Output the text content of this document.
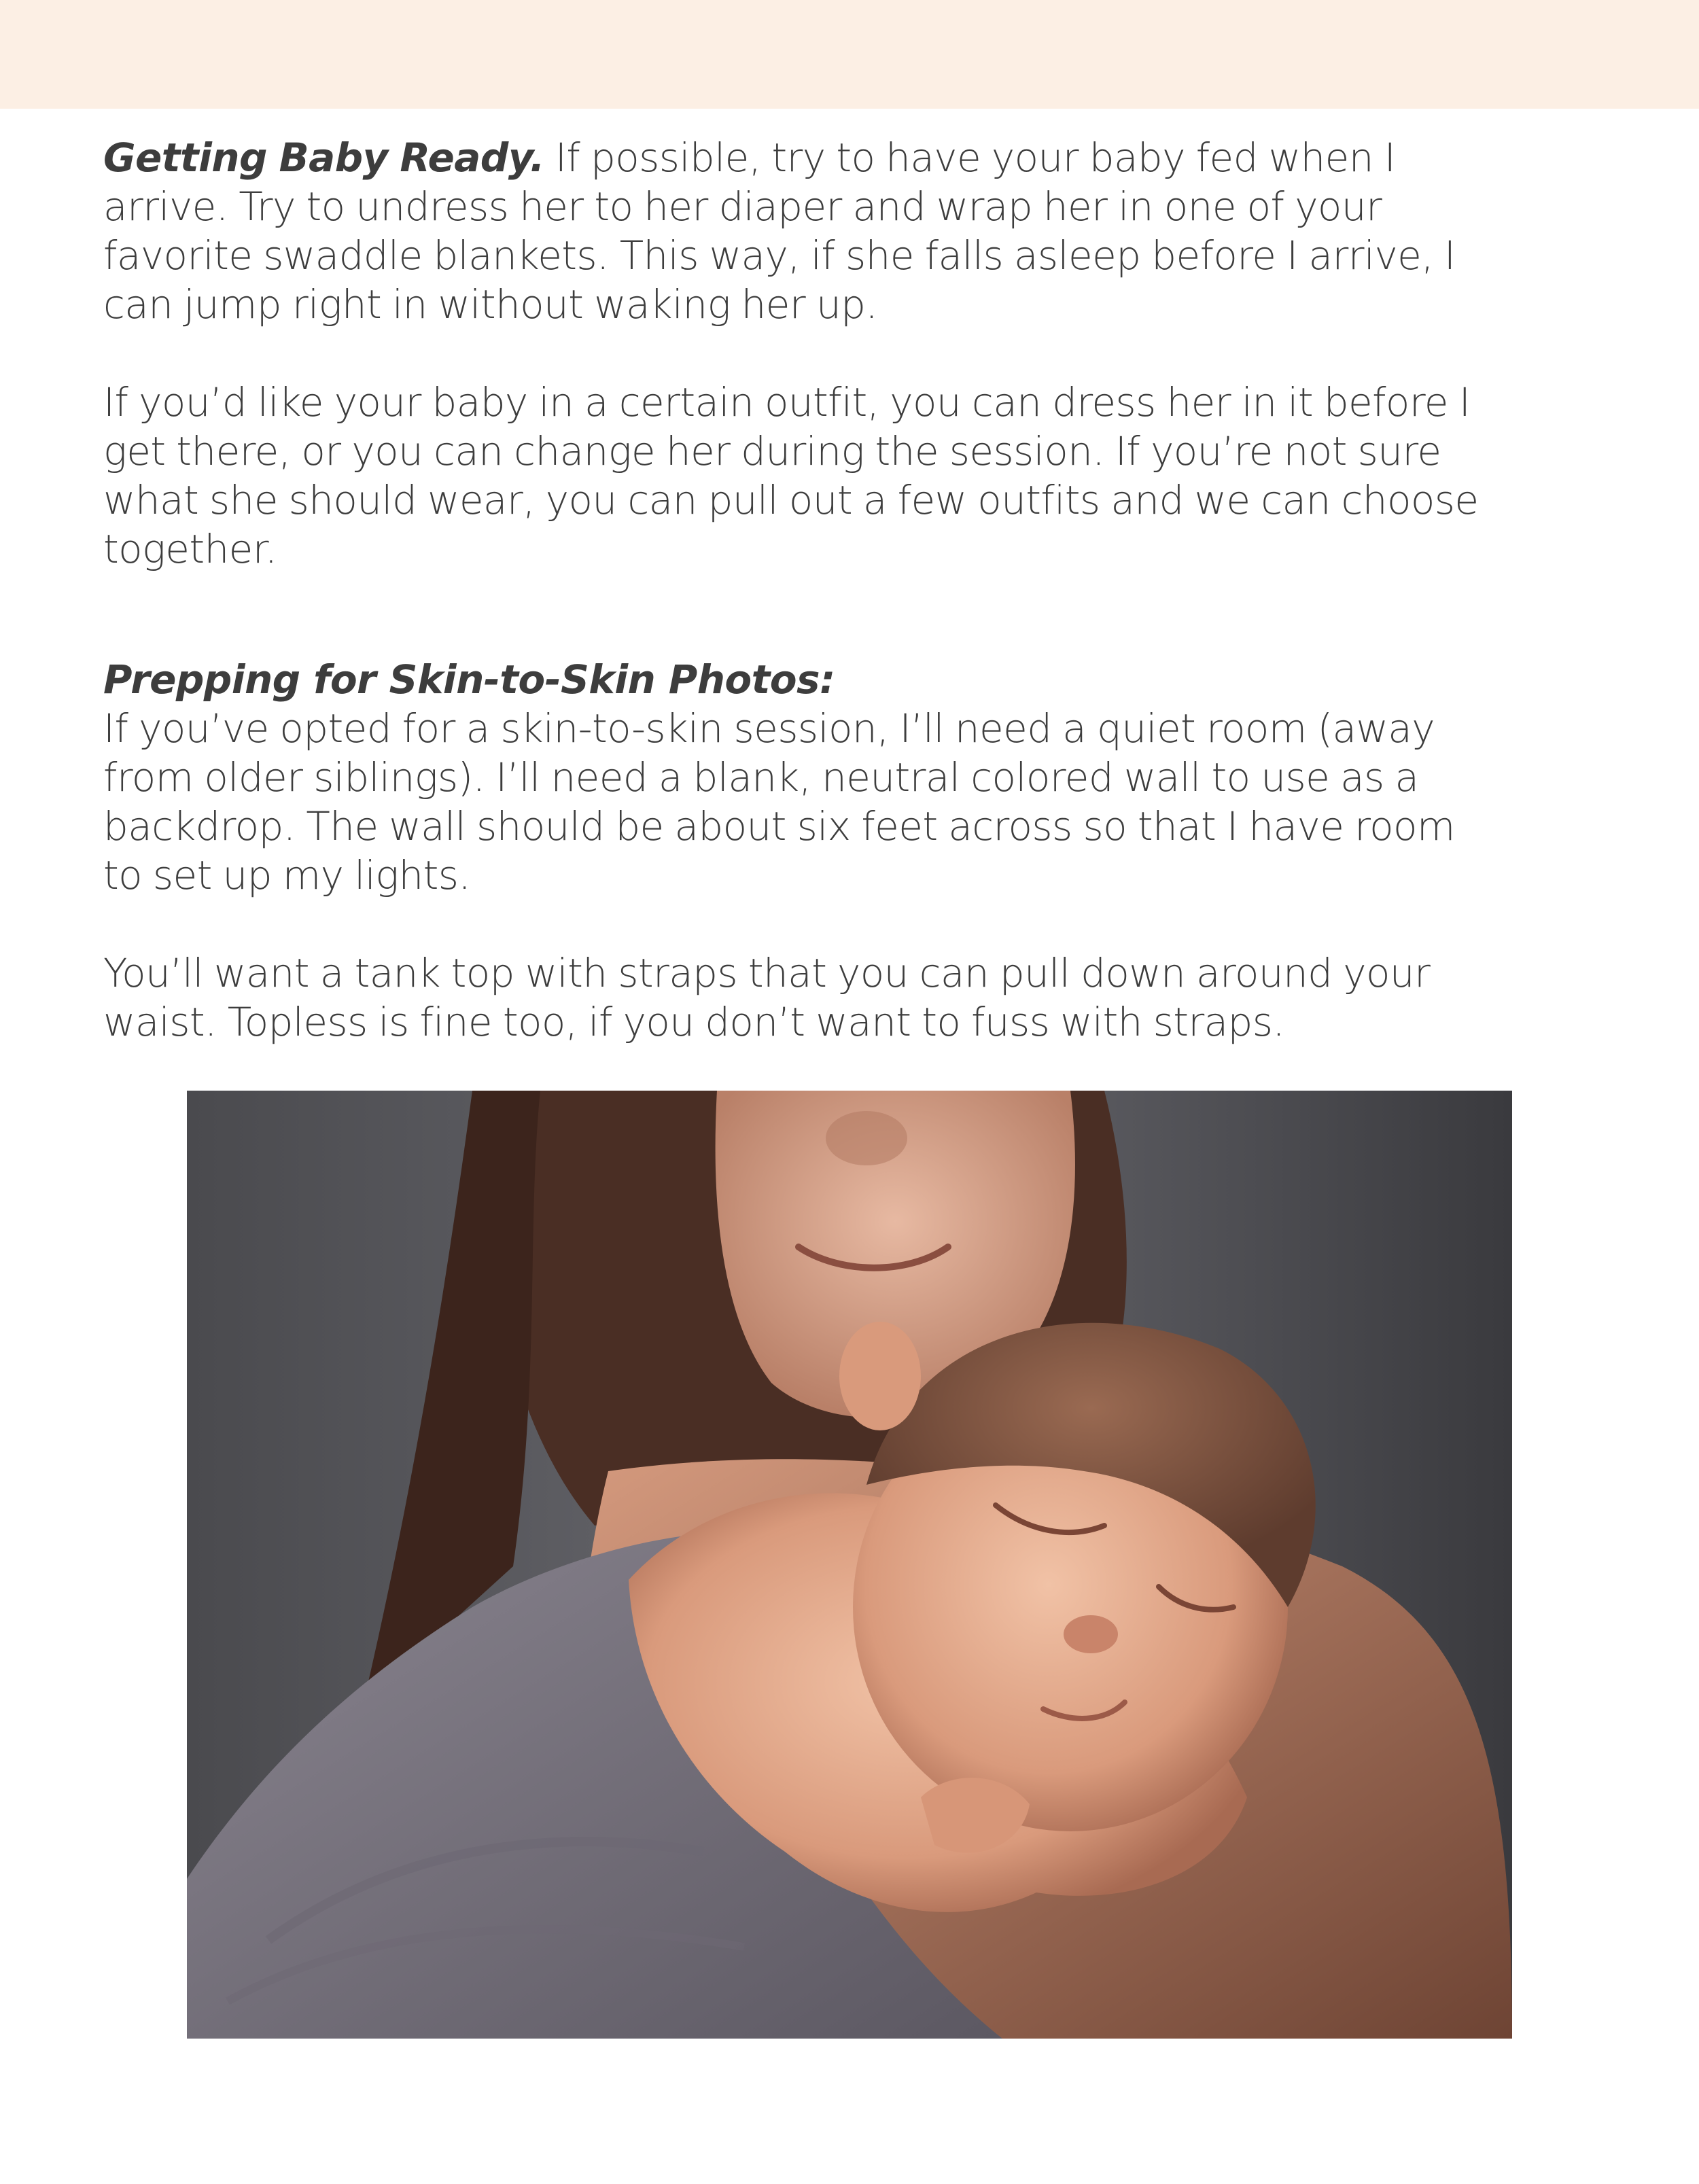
Getting Baby Ready. If possible, try to have your baby fed when I arrive. Try to undress her to her diaper and wrap her in one of your favorite swaddle blankets. This way, if she falls asleep before I arrive, I can jump right in without waking her up.

If you’d like your baby in a certain outfit, you can dress her in it before I get there, or you can change her during the session. If you’re not sure what she should wear, you can pull out a few outfits and we can choose together.

Prepping for Skin-to-Skin Photos:

If you’ve opted for a skin-to-skin session, I’ll need a quiet room (away from older siblings). I’ll need a blank, neutral colored wall to use as a backdrop. The wall should be about six feet across so that I have room to set up my lights.

You’ll want a tank top with straps that you can pull down around your waist. Topless is fine too, if you don’t want to fuss with straps.
